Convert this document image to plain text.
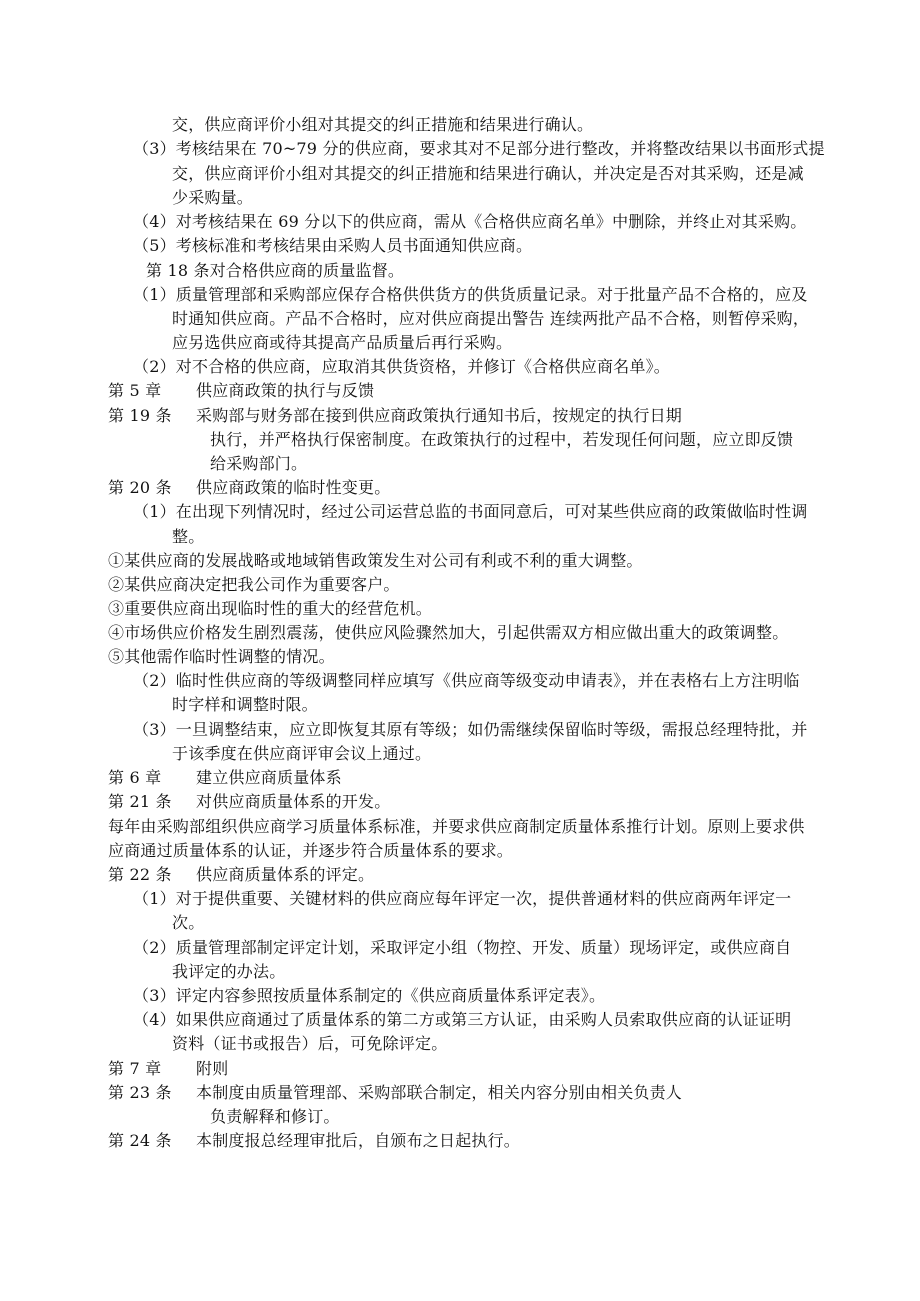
交，供应商评价小组对其提交的纠正措施和结果进行确认。
（3）考核结果在 70~79 分的供应商，要求其对不足部分进行整改，并将整改结果以书面形式提
交，供应商评价小组对其提交的纠正措施和结果进行确认，并决定是否对其采购，还是减
少采购量。
（4）对考核结果在 69 分以下的供应商，需从《合格供应商名单》中删除，并终止对其采购。
（5）考核标准和考核结果由采购人员书面通知供应商。
第 18 条对合格供应商的质量监督。
（1）质量管理部和采购部应保存合格供供货方的供货质量记录。对于批量产品不合格的，应及
时通知供应商。产品不合格时，应对供应商提出警告 连续两批产品不合格，则暂停采购，
应另选供应商或待其提高产品质量后再行采购。
（2）对不合格的供应商，应取消其供货资格，并修订《合格供应商名单》。
第 5 章 供应商政策的执行与反馈
第 19 条 采购部与财务部在接到供应商政策执行通知书后，按规定的执行日期
执行，并严格执行保密制度。在政策执行的过程中，若发现任何问题，应立即反馈
给采购部门。
第 20 条 供应商政策的临时性变更。
（1）在出现下列情况时，经过公司运营总监的书面同意后，可对某些供应商的政策做临时性调
整。
①某供应商的发展战略或地域销售政策发生对公司有利或不利的重大调整。
②某供应商决定把我公司作为重要客户。
③重要供应商出现临时性的重大的经营危机。
④市场供应价格发生剧烈震荡，使供应风险骤然加大，引起供需双方相应做出重大的政策调整。
⑤其他需作临时性调整的情况。
（2）临时性供应商的等级调整同样应填写《供应商等级变动申请表》，并在表格右上方注明临
时字样和调整时限。
（3）一旦调整结束，应立即恢复其原有等级；如仍需继续保留临时等级，需报总经理特批，并
于该季度在供应商评审会议上通过。
第 6 章 建立供应商质量体系
第 21 条 对供应商质量体系的开发。
每年由采购部组织供应商学习质量体系标准，并要求供应商制定质量体系推行计划。原则上要求供
应商通过质量体系的认证，并逐步符合质量体系的要求。
第 22 条 供应商质量体系的评定。
（1）对于提供重要、关键材料的供应商应每年评定一次，提供普通材料的供应商两年评定一
次。
（2）质量管理部制定评定计划，采取评定小组（物控、开发、质量）现场评定，或供应商自
我评定的办法。
（3）评定内容参照按质量体系制定的《供应商质量体系评定表》。
（4）如果供应商通过了质量体系的第二方或第三方认证，由采购人员索取供应商的认证证明
资料（证书或报告）后，可免除评定。
第 7 章 附则
第 23 条 本制度由质量管理部、采购部联合制定，相关内容分别由相关负责人
负责解释和修订。
第 24 条 本制度报总经理审批后，自颁布之日起执行。
